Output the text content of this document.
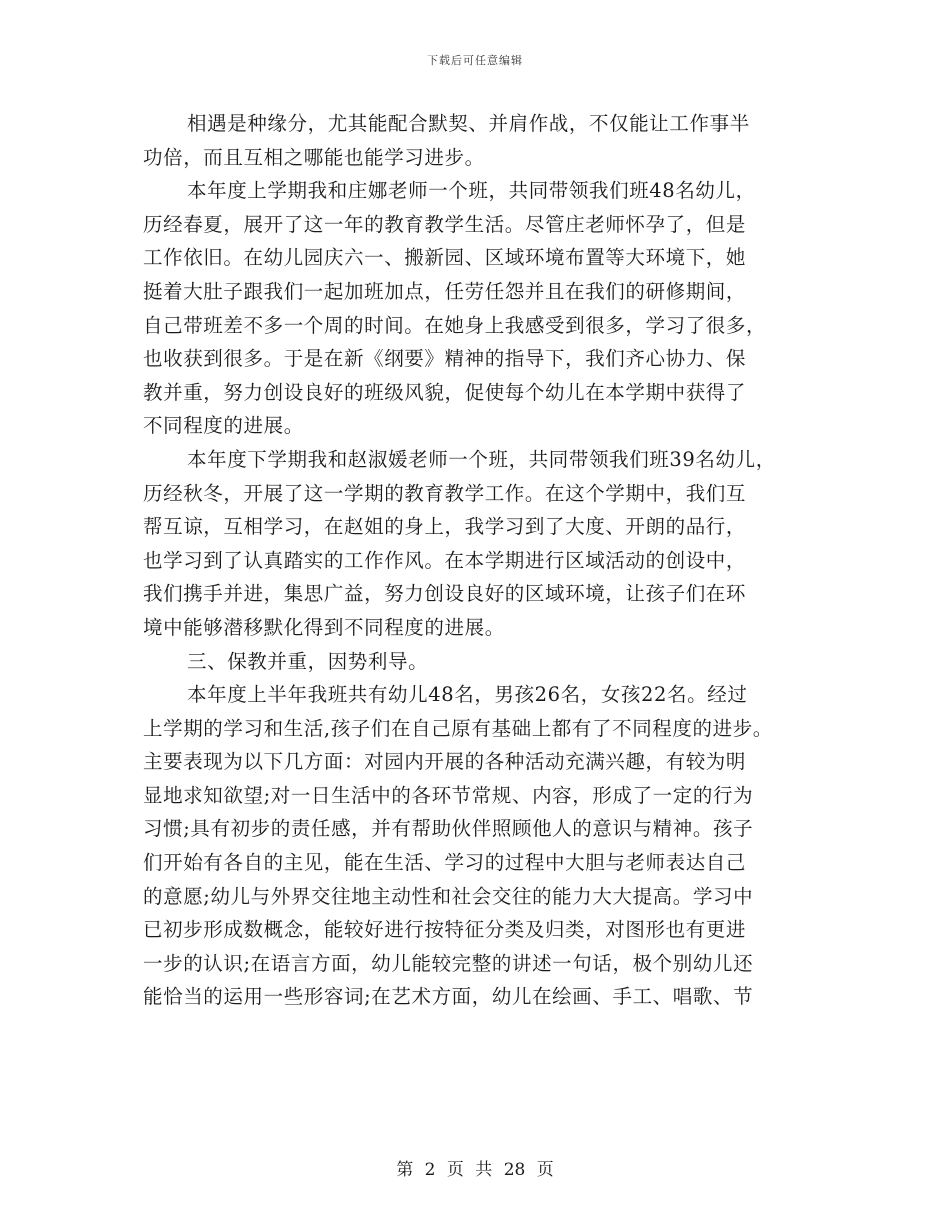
下载后可任意编辑
相遇是种缘分，尤其能配合默契、并肩作战，不仅能让工作事半
功倍，而且互相之哪能也能学习进步。
本年度上学期我和庄娜老师一个班，共同带领我们班48名幼儿，
历经春夏，展开了这一年的教育教学生活。尽管庄老师怀孕了，但是
工作依旧。在幼儿园庆六一、搬新园、区域环境布置等大环境下，她
挺着大肚子跟我们一起加班加点，任劳任怨并且在我们的研修期间，
自己带班差不多一个周的时间。在她身上我感受到很多，学习了很多，
也收获到很多。于是在新《纲要》精神的指导下，我们齐心协力、保
教并重，努力创设良好的班级风貌，促使每个幼儿在本学期中获得了
不同程度的进展。
本年度下学期我和赵淑媛老师一个班，共同带领我们班39名幼儿，
历经秋冬，开展了这一学期的教育教学工作。在这个学期中，我们互
帮互谅，互相学习，在赵姐的身上，我学习到了大度、开朗的品行，
也学习到了认真踏实的工作作风。在本学期进行区域活动的创设中，
我们携手并进，集思广益，努力创设良好的区域环境，让孩子们在环
境中能够潜移默化得到不同程度的进展。
三、保教并重，因势利导。
本年度上半年我班共有幼儿48名，男孩26名，女孩22名。经过
上学期的学习和生活,孩子们在自己原有基础上都有了不同程度的进步。
主要表现为以下几方面：对园内开展的各种活动充满兴趣，有较为明
显地求知欲望;对一日生活中的各环节常规、内容，形成了一定的行为
习惯;具有初步的责任感，并有帮助伙伴照顾他人的意识与精神。孩子
们开始有各自的主见，能在生活、学习的过程中大胆与老师表达自己
的意愿;幼儿与外界交往地主动性和社会交往的能力大大提高。学习中
已初步形成数概念，能较好进行按特征分类及归类，对图形也有更进
一步的认识;在语言方面，幼儿能较完整的讲述一句话，极个别幼儿还
能恰当的运用一些形容词;在艺术方面，幼儿在绘画、手工、唱歌、节
第 2 页 共 28 页
